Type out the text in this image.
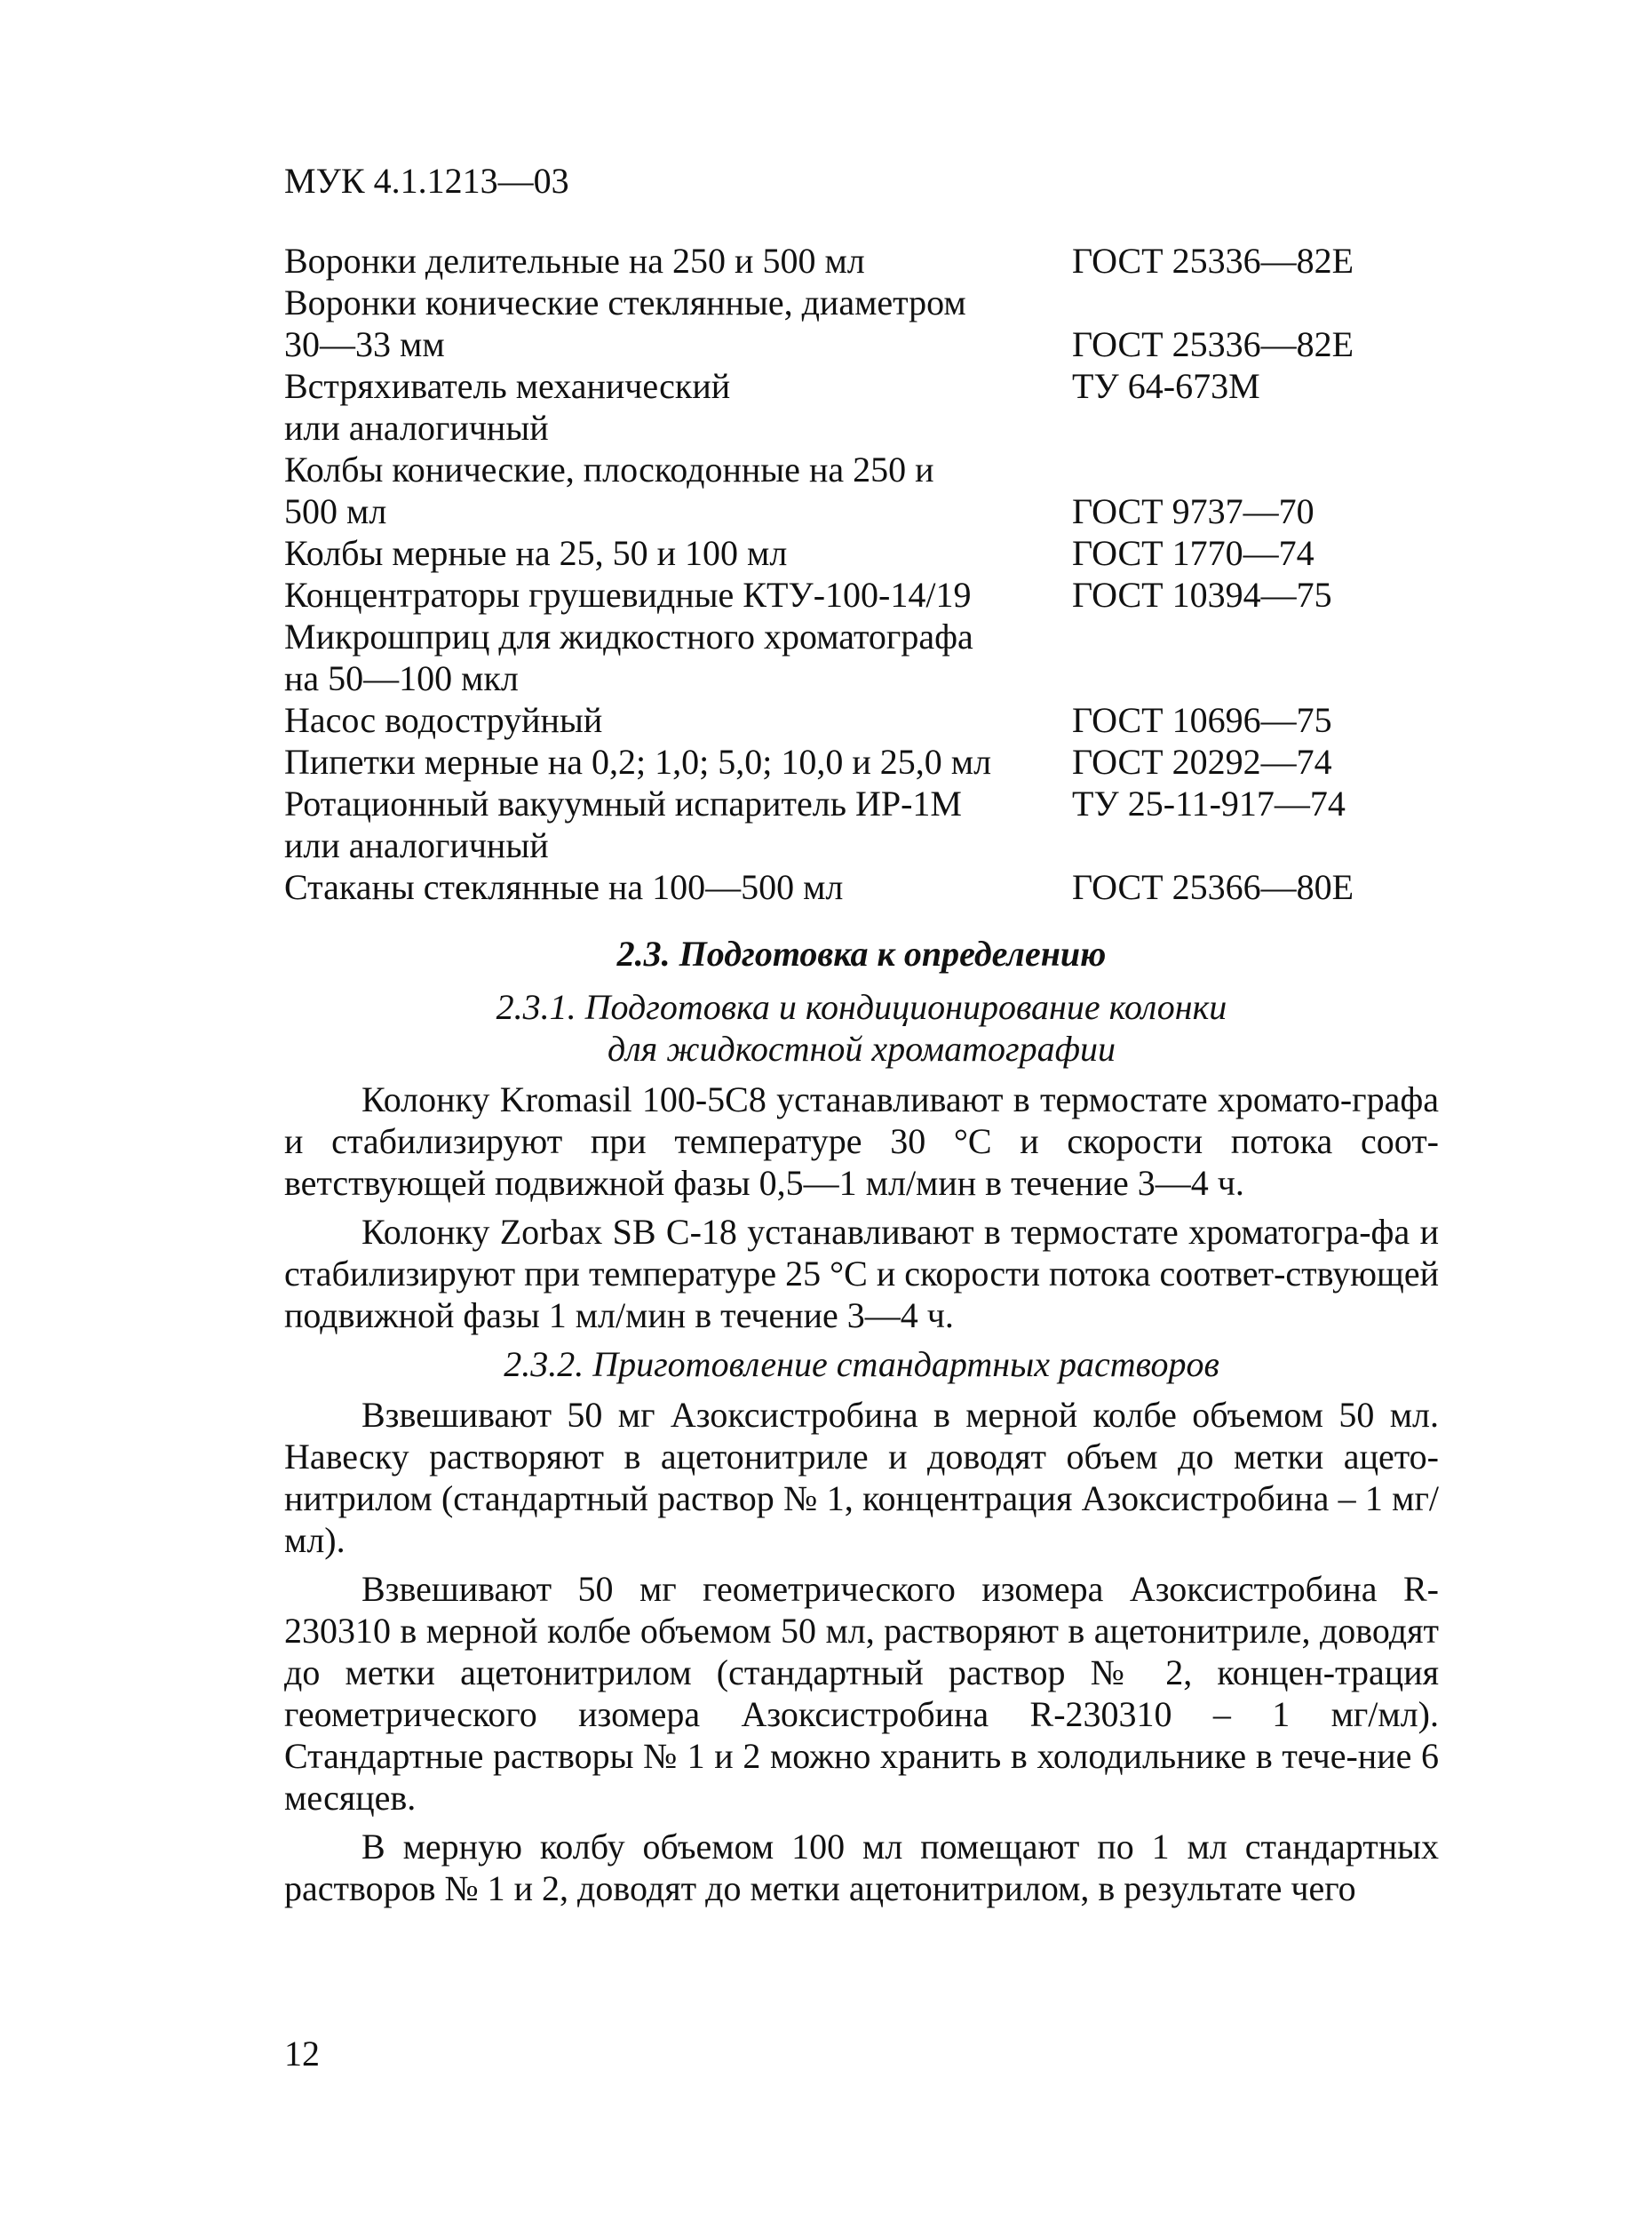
МУК 4.1.1213—03
Воронки делительные на 250 и 500 мл	ГОСТ 25336—82Е
Воронки конические стеклянные, диаметром
30—33 мм	ГОСТ 25336—82Е
Встряхиватель механический	ТУ 64-673М
или аналогичный
Колбы конические, плоскодонные на 250 и
500 мл	ГОСТ 9737—70
Колбы мерные на 25, 50 и 100 мл	ГОСТ 1770—74
Концентраторы грушевидные КТУ-100-14/19	ГОСТ 10394—75
Микрошприц для жидкостного хроматографа
на 50—100 мкл
Насос водоструйный	ГОСТ 10696—75
Пипетки мерные на 0,2; 1,0; 5,0; 10,0 и 25,0 мл ГОСТ 20292—74
Ротационный вакуумный испаритель ИР-1М	ТУ 25-11-917—74
или аналогичный
Стаканы стеклянные на 100—500 мл	ГОСТ 25366—80Е
2.3. Подготовка к определению
2.3.1. Подготовка и кондиционирование колонки
для жидкостной хроматографии

Колонку Kromasil 100-5C8 устанавливают в термостате хромато-графа и стабилизируют при температуре 30 °С и скорости потока соот-ветствующей подвижной фазы 0,5—1 мл/мин в течение 3—4 ч.

Колонку Zorbax SB C-18 устанавливают в термостате хроматогра-фа и стабилизируют при температуре 25 °С и скорости потока соответ-ствующей подвижной фазы 1 мл/мин в течение 3—4 ч.

2.3.2. Приготовление стандартных растворов

Взвешивают 50 мг Азоксистробина в мерной колбе объемом 50 мл. Навеску растворяют в ацетонитриле и доводят объем до метки ацето-нитрилом (стандартный раствор № 1, концентрация Азоксистробина – 1 мг/мл).

Взвешивают 50 мг геометрического изомера Азоксистробина R-230310 в мерной колбе объемом 50 мл, растворяют в ацетонитриле, доводят до метки ацетонитрилом (стандартный раствор № 2, концен-трация геометрического изомера Азоксистробина R-230310 – 1 мг/мл). Стандартные растворы № 1 и 2 можно хранить в холодильнике в тече-ние 6 месяцев.

В мерную колбу объемом 100 мл помещают по 1 мл стандартных растворов № 1 и 2, доводят до метки ацетонитрилом, в результате чего

12
